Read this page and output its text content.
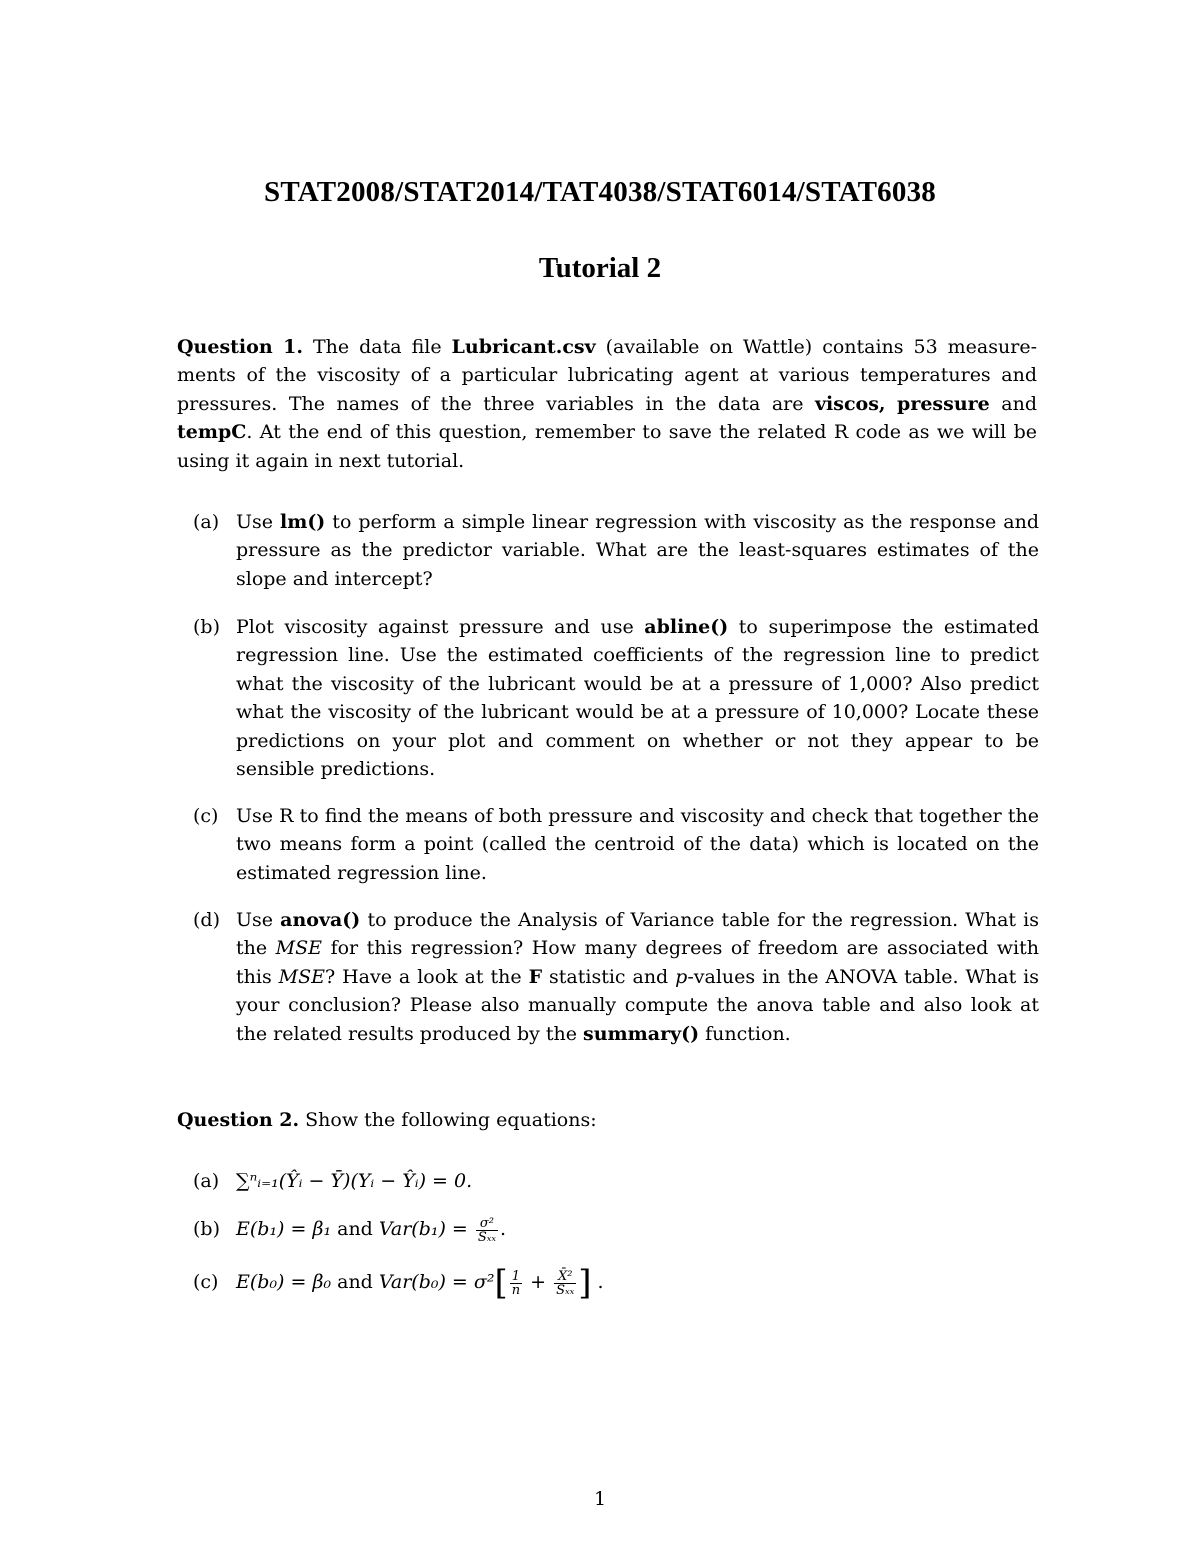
STAT2008/STAT2014/TAT4038/STAT6014/STAT6038
Tutorial 2
Question 1. The data file Lubricant.csv (available on Wattle) contains 53 measure-ments of the viscosity of a particular lubricating agent at various temperatures and pressures. The names of the three variables in the data are viscos, pressure and tempC. At the end of this question, remember to save the related R code as we will be using it again in next tutorial.
(a) Use lm() to perform a simple linear regression with viscosity as the response and pressure as the predictor variable. What are the least-squares estimates of the slope and intercept?
(b) Plot viscosity against pressure and use abline() to superimpose the estimated regression line. Use the estimated coefficients of the regression line to predict what the viscosity of the lubricant would be at a pressure of 1,000? Also predict what the viscosity of the lubricant would be at a pressure of 10,000? Locate these predictions on your plot and comment on whether or not they appear to be sensible predictions.
(c) Use R to find the means of both pressure and viscosity and check that together the two means form a point (called the centroid of the data) which is located on the estimated regression line.
(d) Use anova() to produce the Analysis of Variance table for the regression. What is the MSE for this regression? How many degrees of freedom are associated with this MSE? Have a look at the F statistic and p-values in the ANOVA table. What is your conclusion? Please also manually compute the anova table and also look at the related results produced by the summary() function.
Question 2. Show the following equations:
(a) ∑ⁿᵢ₌₁(Ŷᵢ − Ȳ)(Yᵢ − Ŷᵢ) = 0.
(b) E(b₁) = β₁ and $Var(b_1) = \frac{\text{σ²}}{\text{Sₓₓ}}$ .
(c) E(b₀) = β₀ and $Var(b_0) = \sigma^2[ \frac{1}{n} + \frac{\text{X̄²}}{\text{Sₓₓ}}$ ] .
1
